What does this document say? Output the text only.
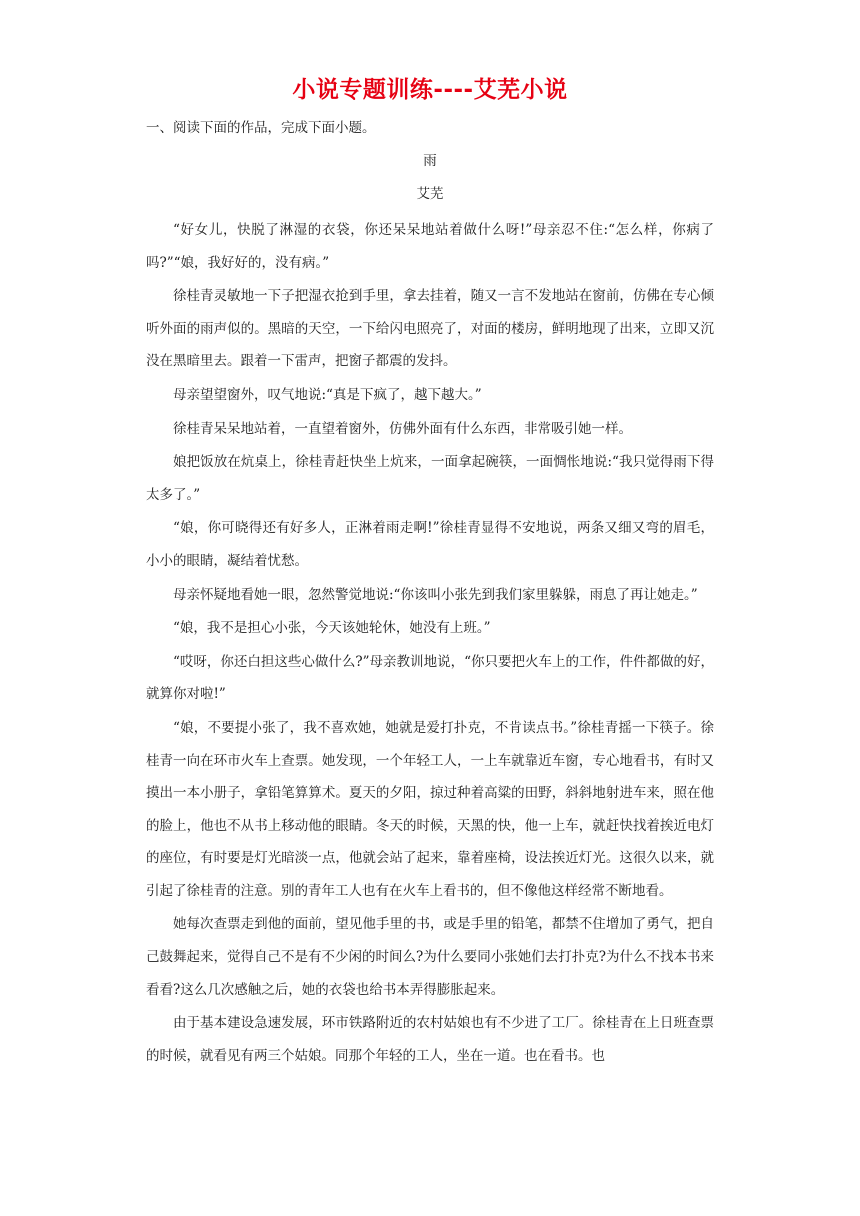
小说专题训练----艾芜小说

一、阅读下面的作品，完成下面小题。

雨

艾芜

“好女儿，快脱了淋湿的衣袋，你还呆呆地站着做什么呀!”母亲忍不住:“怎么样，你病了吗?”“娘，我好好的，没有病。”

徐桂青灵敏地一下子把湿衣抢到手里，拿去挂着，随又一言不发地站在窗前，仿佛在专心倾听外面的雨声似的。黑暗的天空，一下给闪电照亮了，对面的楼房，鲜明地现了出来，立即又沉没在黑暗里去。跟着一下雷声，把窗子都震的发抖。

母亲望望窗外，叹气地说:“真是下疯了，越下越大。”

徐桂青呆呆地站着，一直望着窗外，仿佛外面有什么东西，非常吸引她一样。

娘把饭放在炕桌上，徐桂青赶快坐上炕来，一面拿起碗筷，一面惆怅地说:“我只觉得雨下得太多了。”

“娘，你可晓得还有好多人，正淋着雨走啊!”徐桂青显得不安地说，两条又细又弯的眉毛，小小的眼睛，凝结着忧愁。

母亲怀疑地看她一眼，忽然警觉地说:“你该叫小张先到我们家里躲躲，雨息了再让她走。”

“娘，我不是担心小张，今天该她轮休，她没有上班。”

“哎呀，你还白担这些心做什么?”母亲教训地说，“你只要把火车上的工作，件件都做的好，就算你对啦!”

“娘，不要提小张了，我不喜欢她，她就是爱打扑克，不肯读点书。”徐桂青摇一下筷子。徐桂青一向在环市火车上查票。她发现，一个年轻工人，一上车就靠近车窗，专心地看书，有时又摸出一本小册子，拿铅笔算算术。夏天的夕阳，掠过种着高粱的田野，斜斜地射进车来，照在他的脸上，他也不从书上移动他的眼睛。冬天的时候，天黑的快，他一上车，就赶快找着挨近电灯的座位，有时要是灯光暗淡一点，他就会站了起来，靠着座椅，设法挨近灯光。这很久以来，就引起了徐桂青的注意。别的青年工人也有在火车上看书的，但不像他这样经常不断地看。

她每次查票走到他的面前，望见他手里的书，或是手里的铅笔，都禁不住增加了勇气，把自己鼓舞起来，觉得自己不是有不少闲的时间么?为什么要同小张她们去打扑克?为什么不找本书来看看?这么几次感触之后，她的衣袋也给书本弄得膨胀起来。

由于基本建设急速发展，环市铁路附近的农村姑娘也有不少进了工厂。徐桂青在上日班查票的时候，就看见有两三个姑娘。同那个年轻的工人，坐在一道。也在看书。也
